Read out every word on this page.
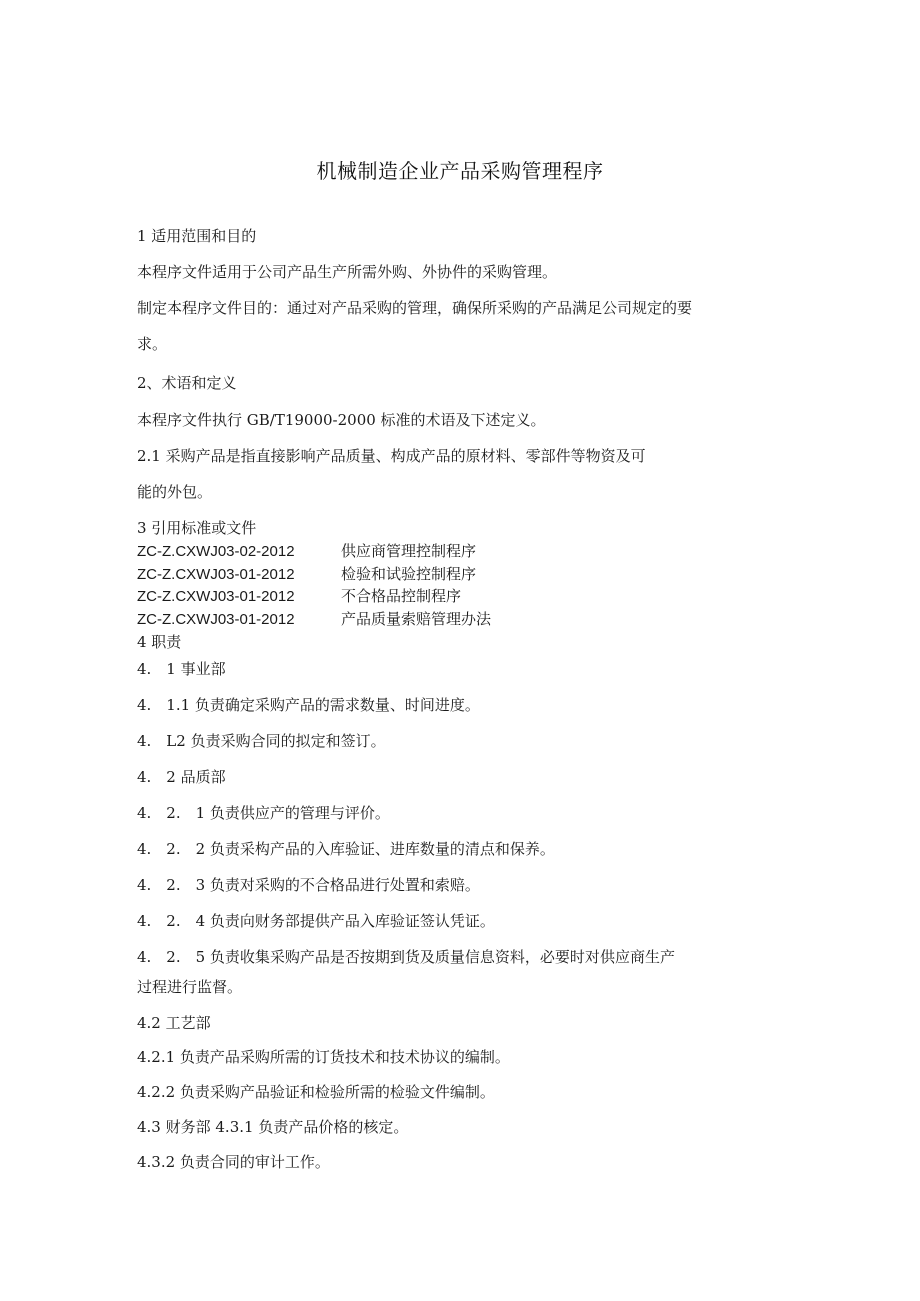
机械制造企业产品采购管理程序
1 适用范围和目的
本程序文件适用于公司产品生产所需外购、外协件的采购管理。
制定本程序文件目的：通过对产品采购的管理，确保所采购的产品满足公司规定的要
求。
2、术语和定义
本程序文件执行 GB/T19000-2000 标准的术语及下述定义。
2.1 采购产品是指直接影响产品质量、构成产品的原材料、零部件等物资及可
能的外包。
3 引用标准或文件
ZC-Z.CXWJ03-02-2012	供应商管理控制程序
ZC-Z.CXWJ03-01-2012	检验和试验控制程序
ZC-Z.CXWJ03-01-2012	不合格品控制程序
ZC-Z.CXWJ03-01-2012	产品质量索赔管理办法
4 职责
4.　1 事业部
4.　1.1 负责确定采购产品的需求数量、时间进度。
4.　L2 负责采购合同的拟定和签订。
4.　2 品质部
4.　2.　1 负责供应产的管理与评价。
4.　2.　2 负责采构产品的入库验证、进库数量的清点和保养。
4.　2.　3 负责对采购的不合格品进行处置和索赔。
4.　2.　4 负责向财务部提供产品入库验证签认凭证。
4.　2.　5 负责收集采购产品是否按期到货及质量信息资料，必要时对供应商生产
过程进行监督。
4.2 工艺部
4.2.1 负责产品采购所需的订货技术和技术协议的编制。
4.2.2 负责采购产品验证和检验所需的检验文件编制。
4.3 财务部 4.3.1 负责产品价格的核定。
4.3.2 负责合同的审计工作。
